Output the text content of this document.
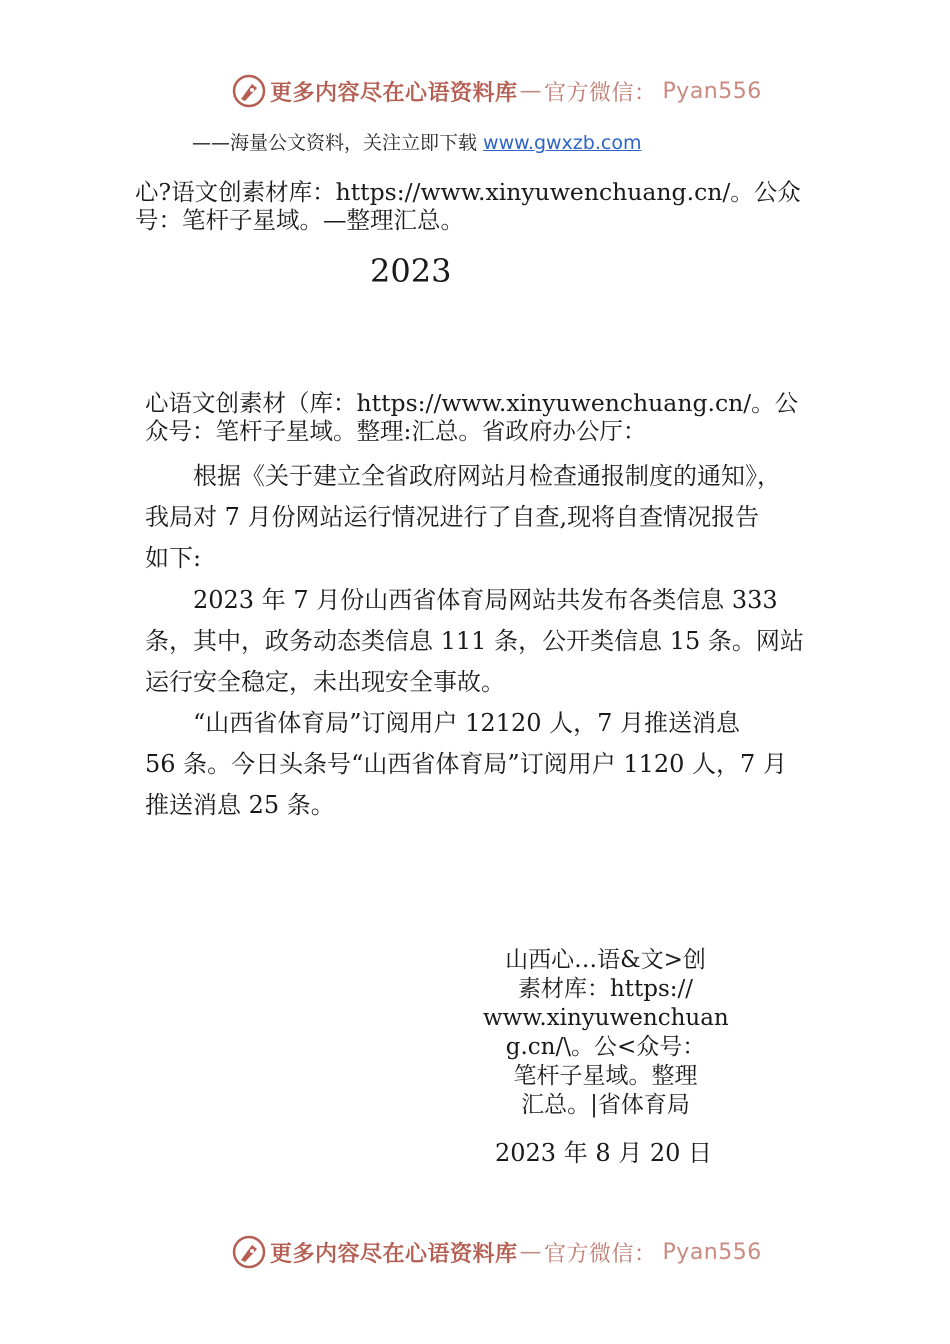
更多内容尽在心语资料库 — 官方微信： Pyan556
——海量公文资料，关注立即下载 www.gwxzb.com
心?语文创素材库：https://www.xinyuwenchuang.cn/。公众
号：笔杆子星域。—整理汇总。
2023
心语文创素材（库：https://www.xinyuwenchuang.cn/。公
众号：笔杆子星域。整理:汇总。省政府办公厅：
　　根据《关于建立全省政府网站月检查通报制度的通知》，
我局对 7 月份网站运行情况进行了自查,现将自查情况报告
如下:
　　2023 年 7 月份山西省体育局网站共发布各类信息 333
条，其中，政务动态类信息 111 条，公开类信息 15 条。网站
运行安全稳定，未出现安全事故。
　　“山西省体育局”订阅用户 12120 人，7 月推送消息
56 条。今日头条号“山西省体育局”订阅用户 1120 人，7 月
推送消息 25 条。
山西心…语&文>创
素材库：https://
www.xinyuwenchuan
g.cn/\。公<众号：
笔杆子星域。整理
汇总。|省体育局
2023 年 8 月 20 日
更多内容尽在心语资料库 — 官方微信： Pyan556
